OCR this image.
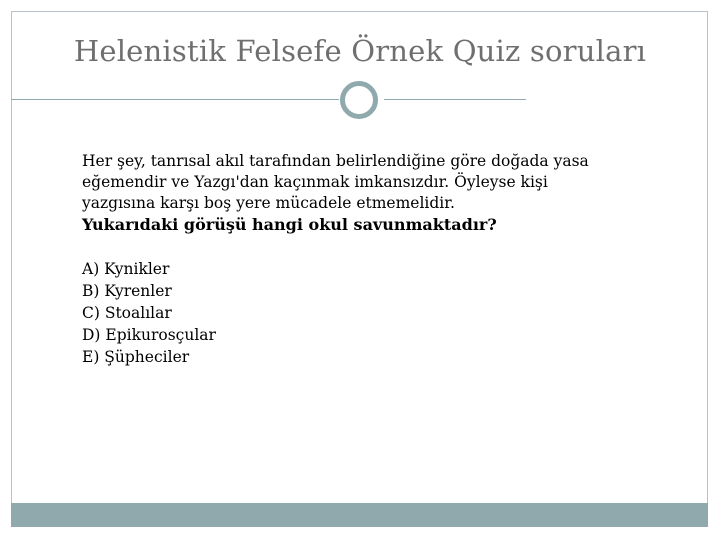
Helenistik Felsefe Örnek Quiz soruları
Her şey, tanrısal akıl tarafından belirlendiğine göre doğada yasa
eğemendir ve Yazgı'dan kaçınmak imkansızdır. Öyleyse kişi
yazgısına karşı boş yere mücadele etmemelidir.
Yukarıdaki görüşü hangi okul savunmaktadır?
A) Kynikler
B) Kyrenler
C) Stoalılar
D) Epikurosçular
E) Şüpheciler
